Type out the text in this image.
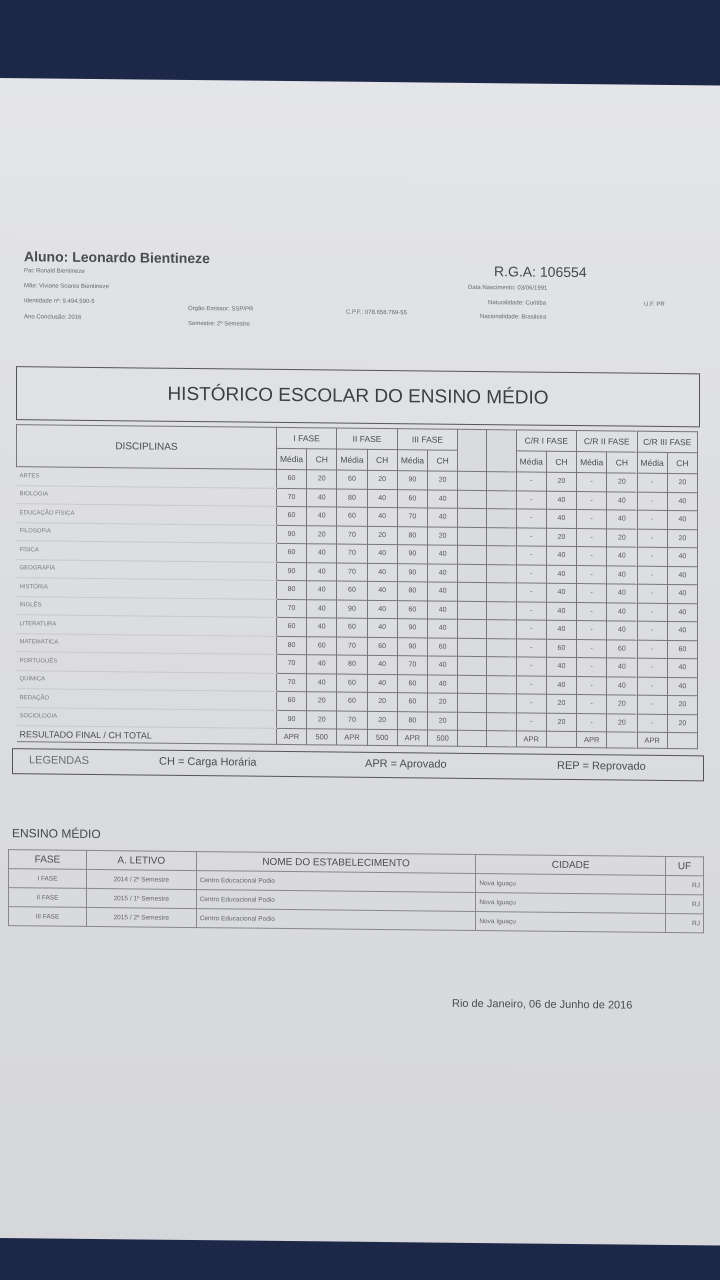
Aluno: Leonardo Bientineze
Pai: Ronald Bientineze
Mãe: Viviane Soares Bientineze
Identidade nº: 9.494.590-5
Ano Conclusão: 2016
Órgão Emissor: SSP/PR
Semestre: 2º Semestre
C.P.F.: 078.658.769-55
R.G.A: 106554
Data Nascimento: 03/06/1991
Naturalidade: Curitiba	U.F. PR
Nacionalidade: Brasileira
HISTÓRICO ESCOLAR DO ENSINO MÉDIO
DISCIPLINAS	I FASE		II FASE		III FASE				C/R I FASE		C/R II FASE		C/R III FASE	
	Média	CH	Média	CH	Média	CH			Média	CH	Média	CH	Média	CH
ARTES	60	20	60	20	90	20			-	20	-	20	-	20
BIOLOGIA	70	40	80	40	60	40			-	40	-	40	-	40
EDUCAÇÃO FÍSICA	60	40	60	40	70	40			-	40	-	40	-	40
FILOSOFIA	90	20	70	20	80	20			-	20	-	20	-	20
FÍSICA	60	40	70	40	90	40			-	40	-	40	-	40
GEOGRAFIA	90	40	70	40	90	40			-	40	-	40	-	40
HISTÓRIA	80	40	60	40	80	40			-	40	-	40	-	40
INGLÊS	70	40	90	40	60	40			-	40	-	40	-	40
LITERATURA	60	40	60	40	90	40			-	40	-	40	-	40
MATEMÁTICA	80	60	70	60	90	60			-	60	-	60	-	60
PORTUGUÊS	70	40	80	40	70	40			-	40	-	40	-	40
QUÍMICA	70	40	60	40	60	40			-	40	-	40	-	40
REDAÇÃO	60	20	60	20	60	20			-	20	-	20	-	20
SOCIOLOGIA	90	20	70	20	80	20			-	20	-	20	-	20
RESULTADO FINAL / CH TOTAL	APR	500	APR	500	APR	500			APR		APR		APR	
LEGENDAS	CH = Carga Horária	APR = Aprovado	REP = Reprovado
ENSINO MÉDIO
FASE	A. LETIVO	NOME DO ESTABELECIMENTO	CIDADE	UF
I FASE	2014 / 2º Semestre	Centro Educacional Podio	Nova Iguaçu	RJ
II FASE	2015 / 1º Semestre	Centro Educacional Podio	Nova Iguaçu	RJ
III FASE	2015 / 2º Semestre	Centro Educacional Podio	Nova Iguaçu	RJ
Rio de Janeiro, 06 de Junho de 2016
